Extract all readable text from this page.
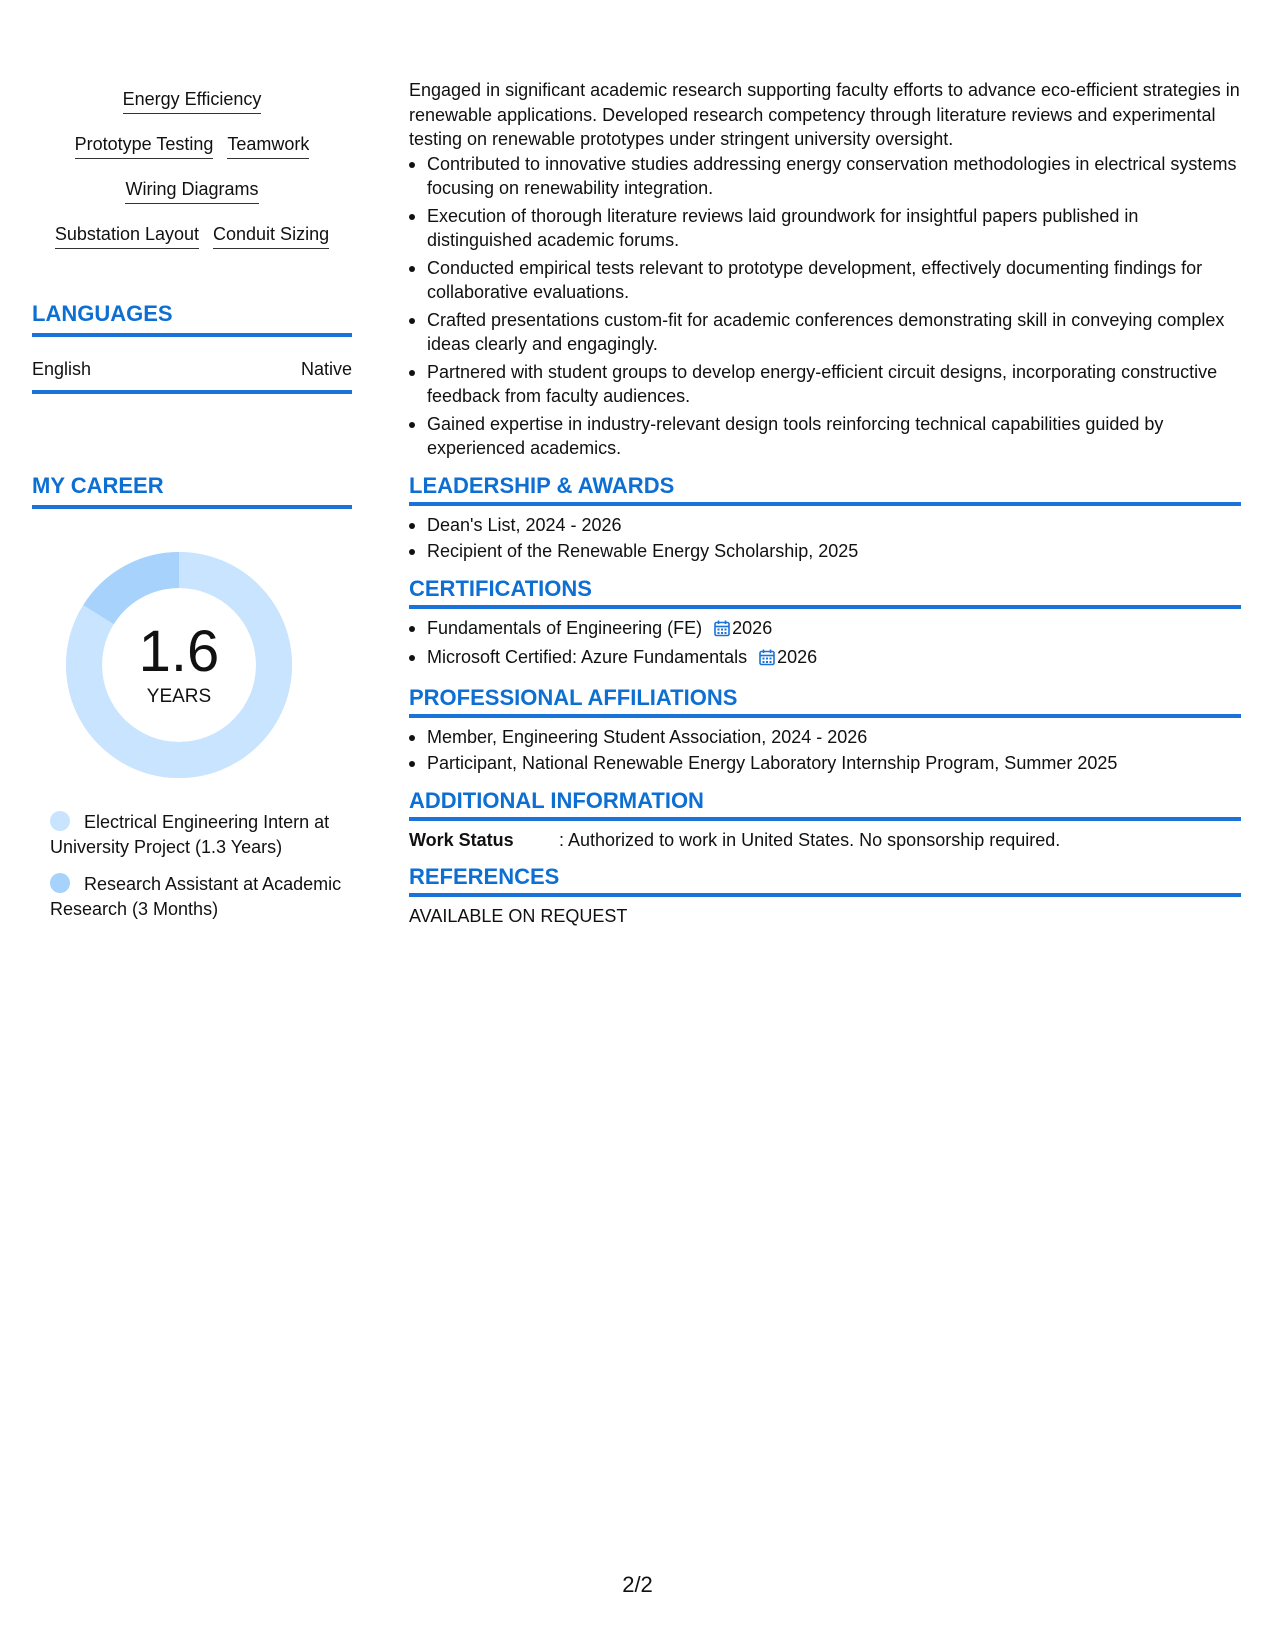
Energy Efficiency
Prototype Testing Teamwork
Wiring Diagrams
Substation Layout Conduit Sizing
LANGUAGES
English	Native
MY CAREER
1.6
YEARS
Electrical Engineering Intern at University Project (1.3 Years)
Research Assistant at Academic Research (3 Months)

Engaged in significant academic research supporting faculty efforts to advance eco-efficient strategies in renewable applications. Developed research competency through literature reviews and experimental testing on renewable prototypes under stringent university oversight.

Contributed to innovative studies addressing energy conservation methodologies in electrical systems focusing on renewability integration.
Execution of thorough literature reviews laid groundwork for insightful papers published in distinguished academic forums.
Conducted empirical tests relevant to prototype development, effectively documenting findings for collaborative evaluations.
Crafted presentations custom-fit for academic conferences demonstrating skill in conveying complex ideas clearly and engagingly.
Partnered with student groups to develop energy-efficient circuit designs, incorporating constructive feedback from faculty audiences.
Gained expertise in industry-relevant design tools reinforcing technical capabilities guided by experienced academics.
LEADERSHIP & AWARDS
Dean's List, 2024 - 2026
Recipient of the Renewable Energy Scholarship, 2025
CERTIFICATIONS
Fundamentals of Engineering (FE) 2026
Microsoft Certified: Azure Fundamentals 2026
PROFESSIONAL AFFILIATIONS
Member, Engineering Student Association, 2024 - 2026
Participant, National Renewable Energy Laboratory Internship Program, Summer 2025
ADDITIONAL INFORMATION
Work Status	: Authorized to work in United States. No sponsorship required.
REFERENCES
AVAILABLE ON REQUEST
2/2
